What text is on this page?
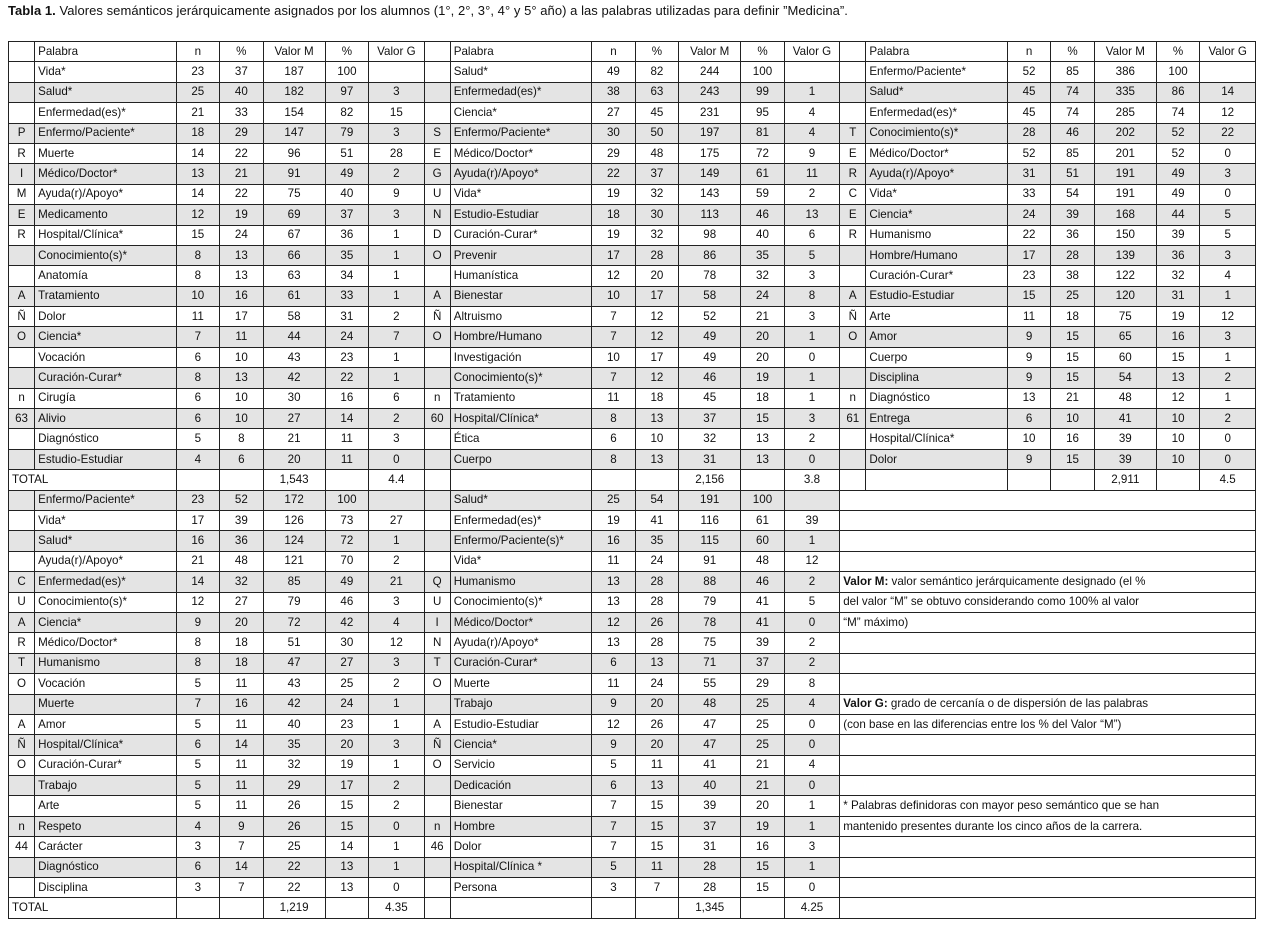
Tabla 1. Valores semánticos jerárquicamente asignados por los alumnos (1°, 2°, 3°, 4° y 5° año) a las palabras utilizadas para definir ”Medicina”.
	Palabra	n	%	Valor M	%	Valor G		Palabra	n	%	Valor M	%	Valor G		Palabra	n	%	Valor M	%	Valor G
	Vida*	23	37	187	100			Salud*	49	82	244	100			Enfermo/Paciente*	52	85	386	100	
	Salud*	25	40	182	97	3		Enfermedad(es)*	38	63	243	99	1		Salud*	45	74	335	86	14
	Enfermedad(es)*	21	33	154	82	15		Ciencia*	27	45	231	95	4		Enfermedad(es)*	45	74	285	74	12
P	Enfermo/Paciente*	18	29	147	79	3	S	Enfermo/Paciente*	30	50	197	81	4	T	Conocimiento(s)*	28	46	202	52	22
R	Muerte	14	22	96	51	28	E	Médico/Doctor*	29	48	175	72	9	E	Médico/Doctor*	52	85	201	52	0
I	Médico/Doctor*	13	21	91	49	2	G	Ayuda(r)/Apoyo*	22	37	149	61	11	R	Ayuda(r)/Apoyo*	31	51	191	49	3
M	Ayuda(r)/Apoyo*	14	22	75	40	9	U	Vida*	19	32	143	59	2	C	Vida*	33	54	191	49	0
E	Medicamento	12	19	69	37	3	N	Estudio-Estudiar	18	30	113	46	13	E	Ciencia*	24	39	168	44	5
R	Hospital/Clínica*	15	24	67	36	1	D	Curación-Curar*	19	32	98	40	6	R	Humanismo	22	36	150	39	5
	Conocimiento(s)*	8	13	66	35	1	O	Prevenir	17	28	86	35	5		Hombre/Humano	17	28	139	36	3
	Anatomía	8	13	63	34	1		Humanística	12	20	78	32	3		Curación-Curar*	23	38	122	32	4
A	Tratamiento	10	16	61	33	1	A	Bienestar	10	17	58	24	8	A	Estudio-Estudiar	15	25	120	31	1
Ñ	Dolor	11	17	58	31	2	Ñ	Altruismo	7	12	52	21	3	Ñ	Arte	11	18	75	19	12
O	Ciencia*	7	11	44	24	7	O	Hombre/Humano	7	12	49	20	1	O	Amor	9	15	65	16	3
	Vocación	6	10	43	23	1		Investigación	10	17	49	20	0		Cuerpo	9	15	60	15	1
	Curación-Curar*	8	13	42	22	1		Conocimiento(s)*	7	12	46	19	1		Disciplina	9	15	54	13	2
n	Cirugía	6	10	30	16	6	n	Tratamiento	11	18	45	18	1	n	Diagnóstico	13	21	48	12	1
63	Alivio	6	10	27	14	2	60	Hospital/Clínica*	8	13	37	15	3	61	Entrega	6	10	41	10	2
	Diagnóstico	5	8	21	11	3		Ética	6	10	32	13	2		Hospital/Clínica*	10	16	39	10	0
	Estudio-Estudiar	4	6	20	11	0		Cuerpo	8	13	31	13	0		Dolor	9	15	39	10	0
TOTAL				1,543		4.4					2,156		3.8					2,911		4.5
	Enfermo/Paciente*	23	52	172	100			Salud*	25	54	191	100								
	Vida*	17	39	126	73	27		Enfermedad(es)*	19	41	116	61	39							
	Salud*	16	36	124	72	1		Enfermo/Paciente(s)*	16	35	115	60	1							
	Ayuda(r)/Apoyo*	21	48	121	70	2		Vida*	11	24	91	48	12							
C	Enfermedad(es)*	14	32	85	49	21	Q	Humanismo	13	28	88	46	2	Valor M: valor semántico jerárquicamente designado (el %						
U	Conocimiento(s)*	12	27	79	46	3	U	Conocimiento(s)*	13	28	79	41	5	del valor “M” se obtuvo considerando como 100% al valor						
A	Ciencia*	9	20	72	42	4	I	Médico/Doctor*	12	26	78	41	0	“M” máximo)						
R	Médico/Doctor*	8	18	51	30	12	N	Ayuda(r)/Apoyo*	13	28	75	39	2							
T	Humanismo	8	18	47	27	3	T	Curación-Curar*	6	13	71	37	2							
O	Vocación	5	11	43	25	2	O	Muerte	11	24	55	29	8							
	Muerte	7	16	42	24	1		Trabajo	9	20	48	25	4	Valor G: grado de cercanía o de dispersión de las palabras						
A	Amor	5	11	40	23	1	A	Estudio-Estudiar	12	26	47	25	0	(con base en las diferencias entre los % del Valor “M”)						
Ñ	Hospital/Clínica*	6	14	35	20	3	Ñ	Ciencia*	9	20	47	25	0							
O	Curación-Curar*	5	11	32	19	1	O	Servicio	5	11	41	21	4							
	Trabajo	5	11	29	17	2		Dedicación	6	13	40	21	0							
	Arte	5	11	26	15	2		Bienestar	7	15	39	20	1	* Palabras definidoras con mayor peso semántico que se han						
n	Respeto	4	9	26	15	0	n	Hombre	7	15	37	19	1	mantenido presentes durante los cinco años de la carrera.						
44	Carácter	3	7	25	14	1	46	Dolor	7	15	31	16	3							
	Diagnóstico	6	14	22	13	1		Hospital/Clínica *	5	11	28	15	1							
	Disciplina	3	7	22	13	0		Persona	3	7	28	15	0							
TOTAL				1,219		4.35					1,345		4.25							
